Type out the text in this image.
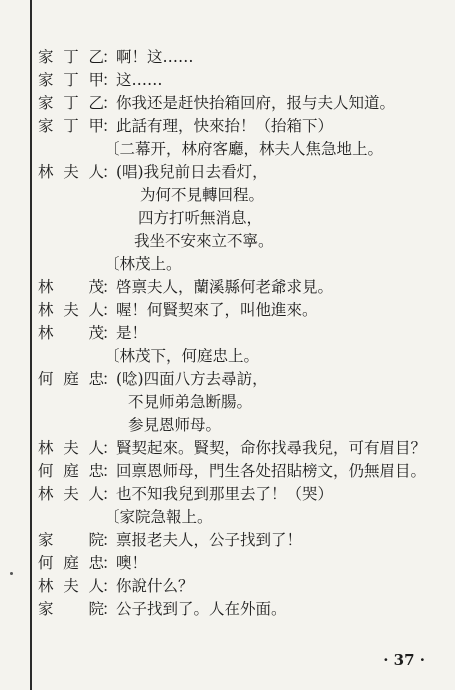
家丁乙
：
啊！这……
家丁甲
：
这……
家丁乙
：
你我还是赶快抬箱回府，报与夫人知道。
家丁甲
：
此話有理，快來抬！（抬箱下）
〔二幕开，林府客廳，林夫人焦急地上。
林夫人
：
(唱)我兒前日去看灯，
为何不見轉回程。
四方打听無消息，
我坐不安來立不寧。
〔林茂上。
林茂
：
啓禀夫人，蘭溪縣何老爺求見。
林夫人
：
喔！何賢契來了，叫他進來。
林茂
：
是！
〔林茂下，何庭忠上。
何庭忠
：
(唸)四面八方去尋訪，
不見师弟急断腸。
参見恩师母。
林夫人
：
賢契起來。賢契，命你找尋我兒，可有眉目？
何庭忠
：
回禀恩师母，門生各处招貼榜文，仍無眉目。
林夫人
：
也不知我兒到那里去了！（哭）
〔家院急報上。
家院
：
禀报老夫人，公子找到了！
何庭忠
：
噢！
林夫人
：
你說什么？
家院
：
公子找到了。人在外面。
· 37 ·
